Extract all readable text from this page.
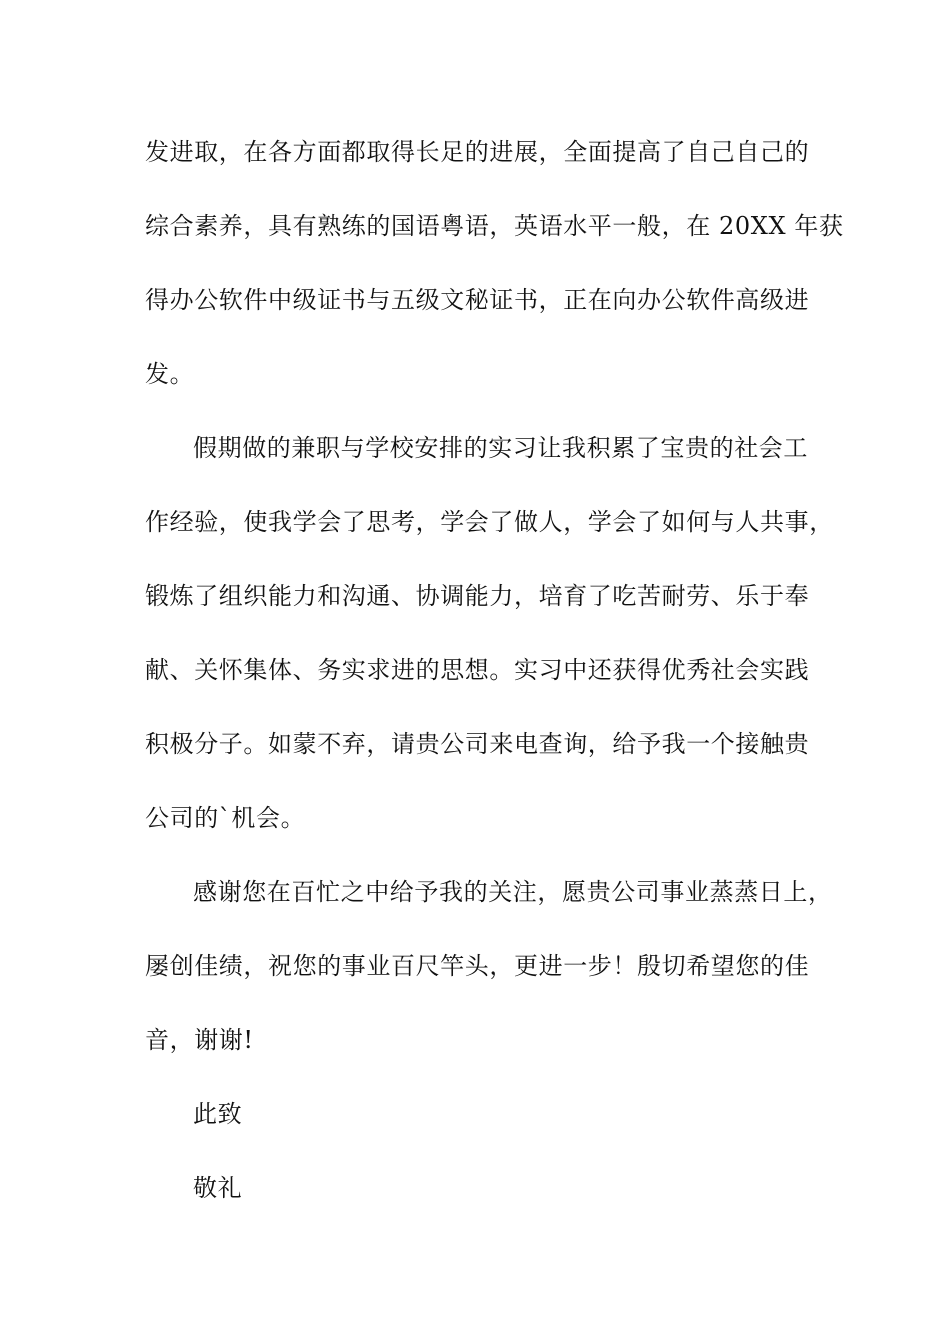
发进取，在各方面都取得长足的进展，全面提高了自己自己的

综合素养，具有熟练的国语粤语，英语水平一般，在 20XX 年获

得办公软件中级证书与五级文秘证书，正在向办公软件高级进

发。

假期做的兼职与学校安排的实习让我积累了宝贵的社会工

作经验，使我学会了思考，学会了做人，学会了如何与人共事，

锻炼了组织能力和沟通、协调能力，培育了吃苦耐劳、乐于奉

献、关怀集体、务实求进的思想。实习中还获得优秀社会实践

积极分子。如蒙不弃，请贵公司来电查询，给予我一个接触贵

公司的`机会。

感谢您在百忙之中给予我的关注，愿贵公司事业蒸蒸日上，

屡创佳绩，祝您的事业百尺竿头，更进一步！殷切希望您的佳

音，谢谢!

此致

敬礼
